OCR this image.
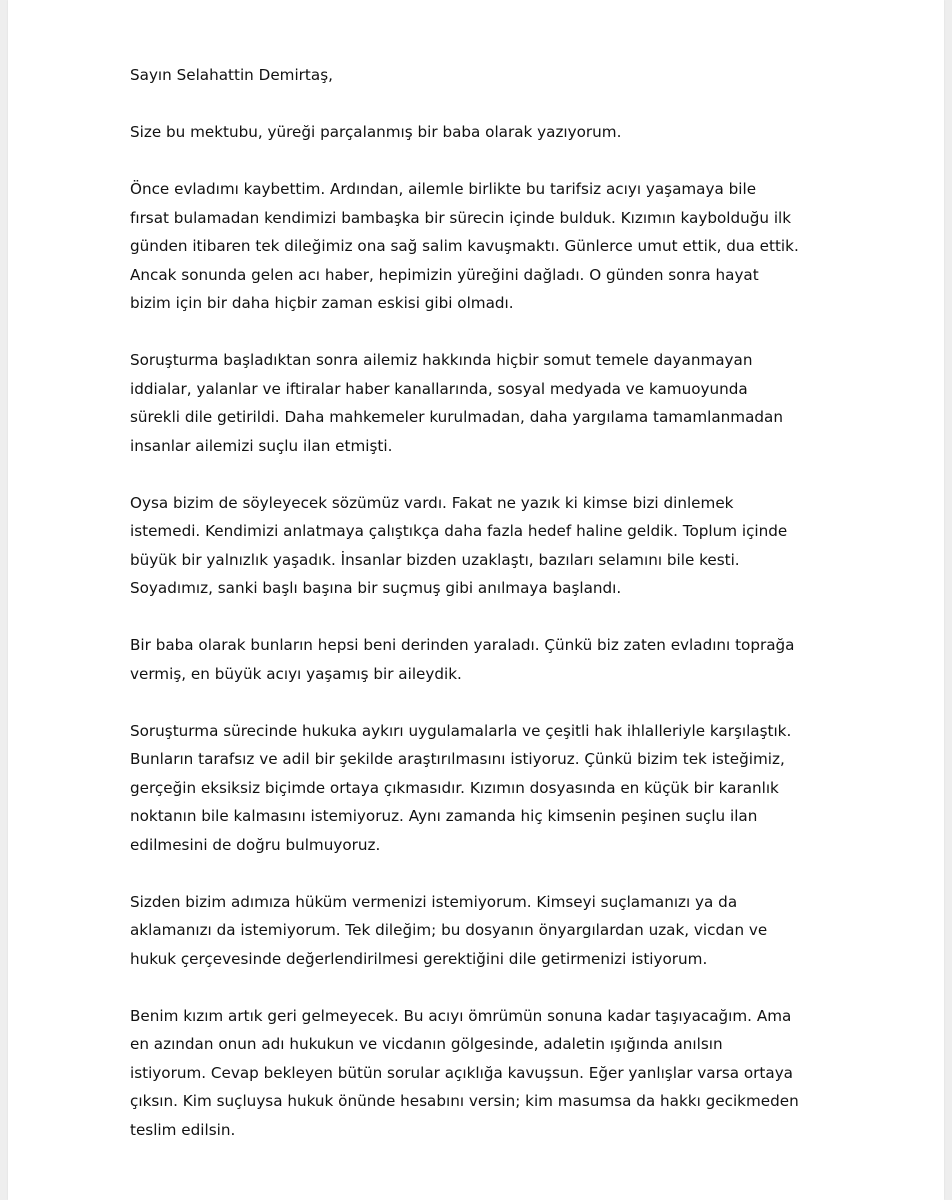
Sayın Selahattin Demirtaş,

Size bu mektubu, yüreği parçalanmış bir baba olarak yazıyorum.

Önce evladımı kaybettim. Ardından, ailemle birlikte bu tarifsiz acıyı yaşamaya bile
fırsat bulamadan kendimizi bambaşka bir sürecin içinde bulduk. Kızımın kaybolduğu ilk
günden itibaren tek dileğimiz ona sağ salim kavuşmaktı. Günlerce umut ettik, dua ettik.
Ancak sonunda gelen acı haber, hepimizin yüreğini dağladı. O günden sonra hayat
bizim için bir daha hiçbir zaman eskisi gibi olmadı.

Soruşturma başladıktan sonra ailemiz hakkında hiçbir somut temele dayanmayan
iddialar, yalanlar ve iftiralar haber kanallarında, sosyal medyada ve kamuoyunda
sürekli dile getirildi. Daha mahkemeler kurulmadan, daha yargılama tamamlanmadan
insanlar ailemizi suçlu ilan etmişti.

Oysa bizim de söyleyecek sözümüz vardı. Fakat ne yazık ki kimse bizi dinlemek
istemedi. Kendimizi anlatmaya çalıştıkça daha fazla hedef haline geldik. Toplum içinde
büyük bir yalnızlık yaşadık. İnsanlar bizden uzaklaştı, bazıları selamını bile kesti.
Soyadımız, sanki başlı başına bir suçmuş gibi anılmaya başlandı.

Bir baba olarak bunların hepsi beni derinden yaraladı. Çünkü biz zaten evladını toprağa
vermiş, en büyük acıyı yaşamış bir aileydik.

Soruşturma sürecinde hukuka aykırı uygulamalarla ve çeşitli hak ihlalleriyle karşılaştık.
Bunların tarafsız ve adil bir şekilde araştırılmasını istiyoruz. Çünkü bizim tek isteğimiz,
gerçeğin eksiksiz biçimde ortaya çıkmasıdır. Kızımın dosyasında en küçük bir karanlık
noktanın bile kalmasını istemiyoruz. Aynı zamanda hiç kimsenin peşinen suçlu ilan
edilmesini de doğru bulmuyoruz.

Sizden bizim adımıza hüküm vermenizi istemiyorum. Kimseyi suçlamanızı ya da
aklamanızı da istemiyorum. Tek dileğim; bu dosyanın önyargılardan uzak, vicdan ve
hukuk çerçevesinde değerlendirilmesi gerektiğini dile getirmenizi istiyorum.

Benim kızım artık geri gelmeyecek. Bu acıyı ömrümün sonuna kadar taşıyacağım. Ama
en azından onun adı hukukun ve vicdanın gölgesinde, adaletin ışığında anılsın
istiyorum. Cevap bekleyen bütün sorular açıklığa kavuşsun. Eğer yanlışlar varsa ortaya
çıksın. Kim suçluysa hukuk önünde hesabını versin; kim masumsa da hakkı gecikmeden
teslim edilsin.
